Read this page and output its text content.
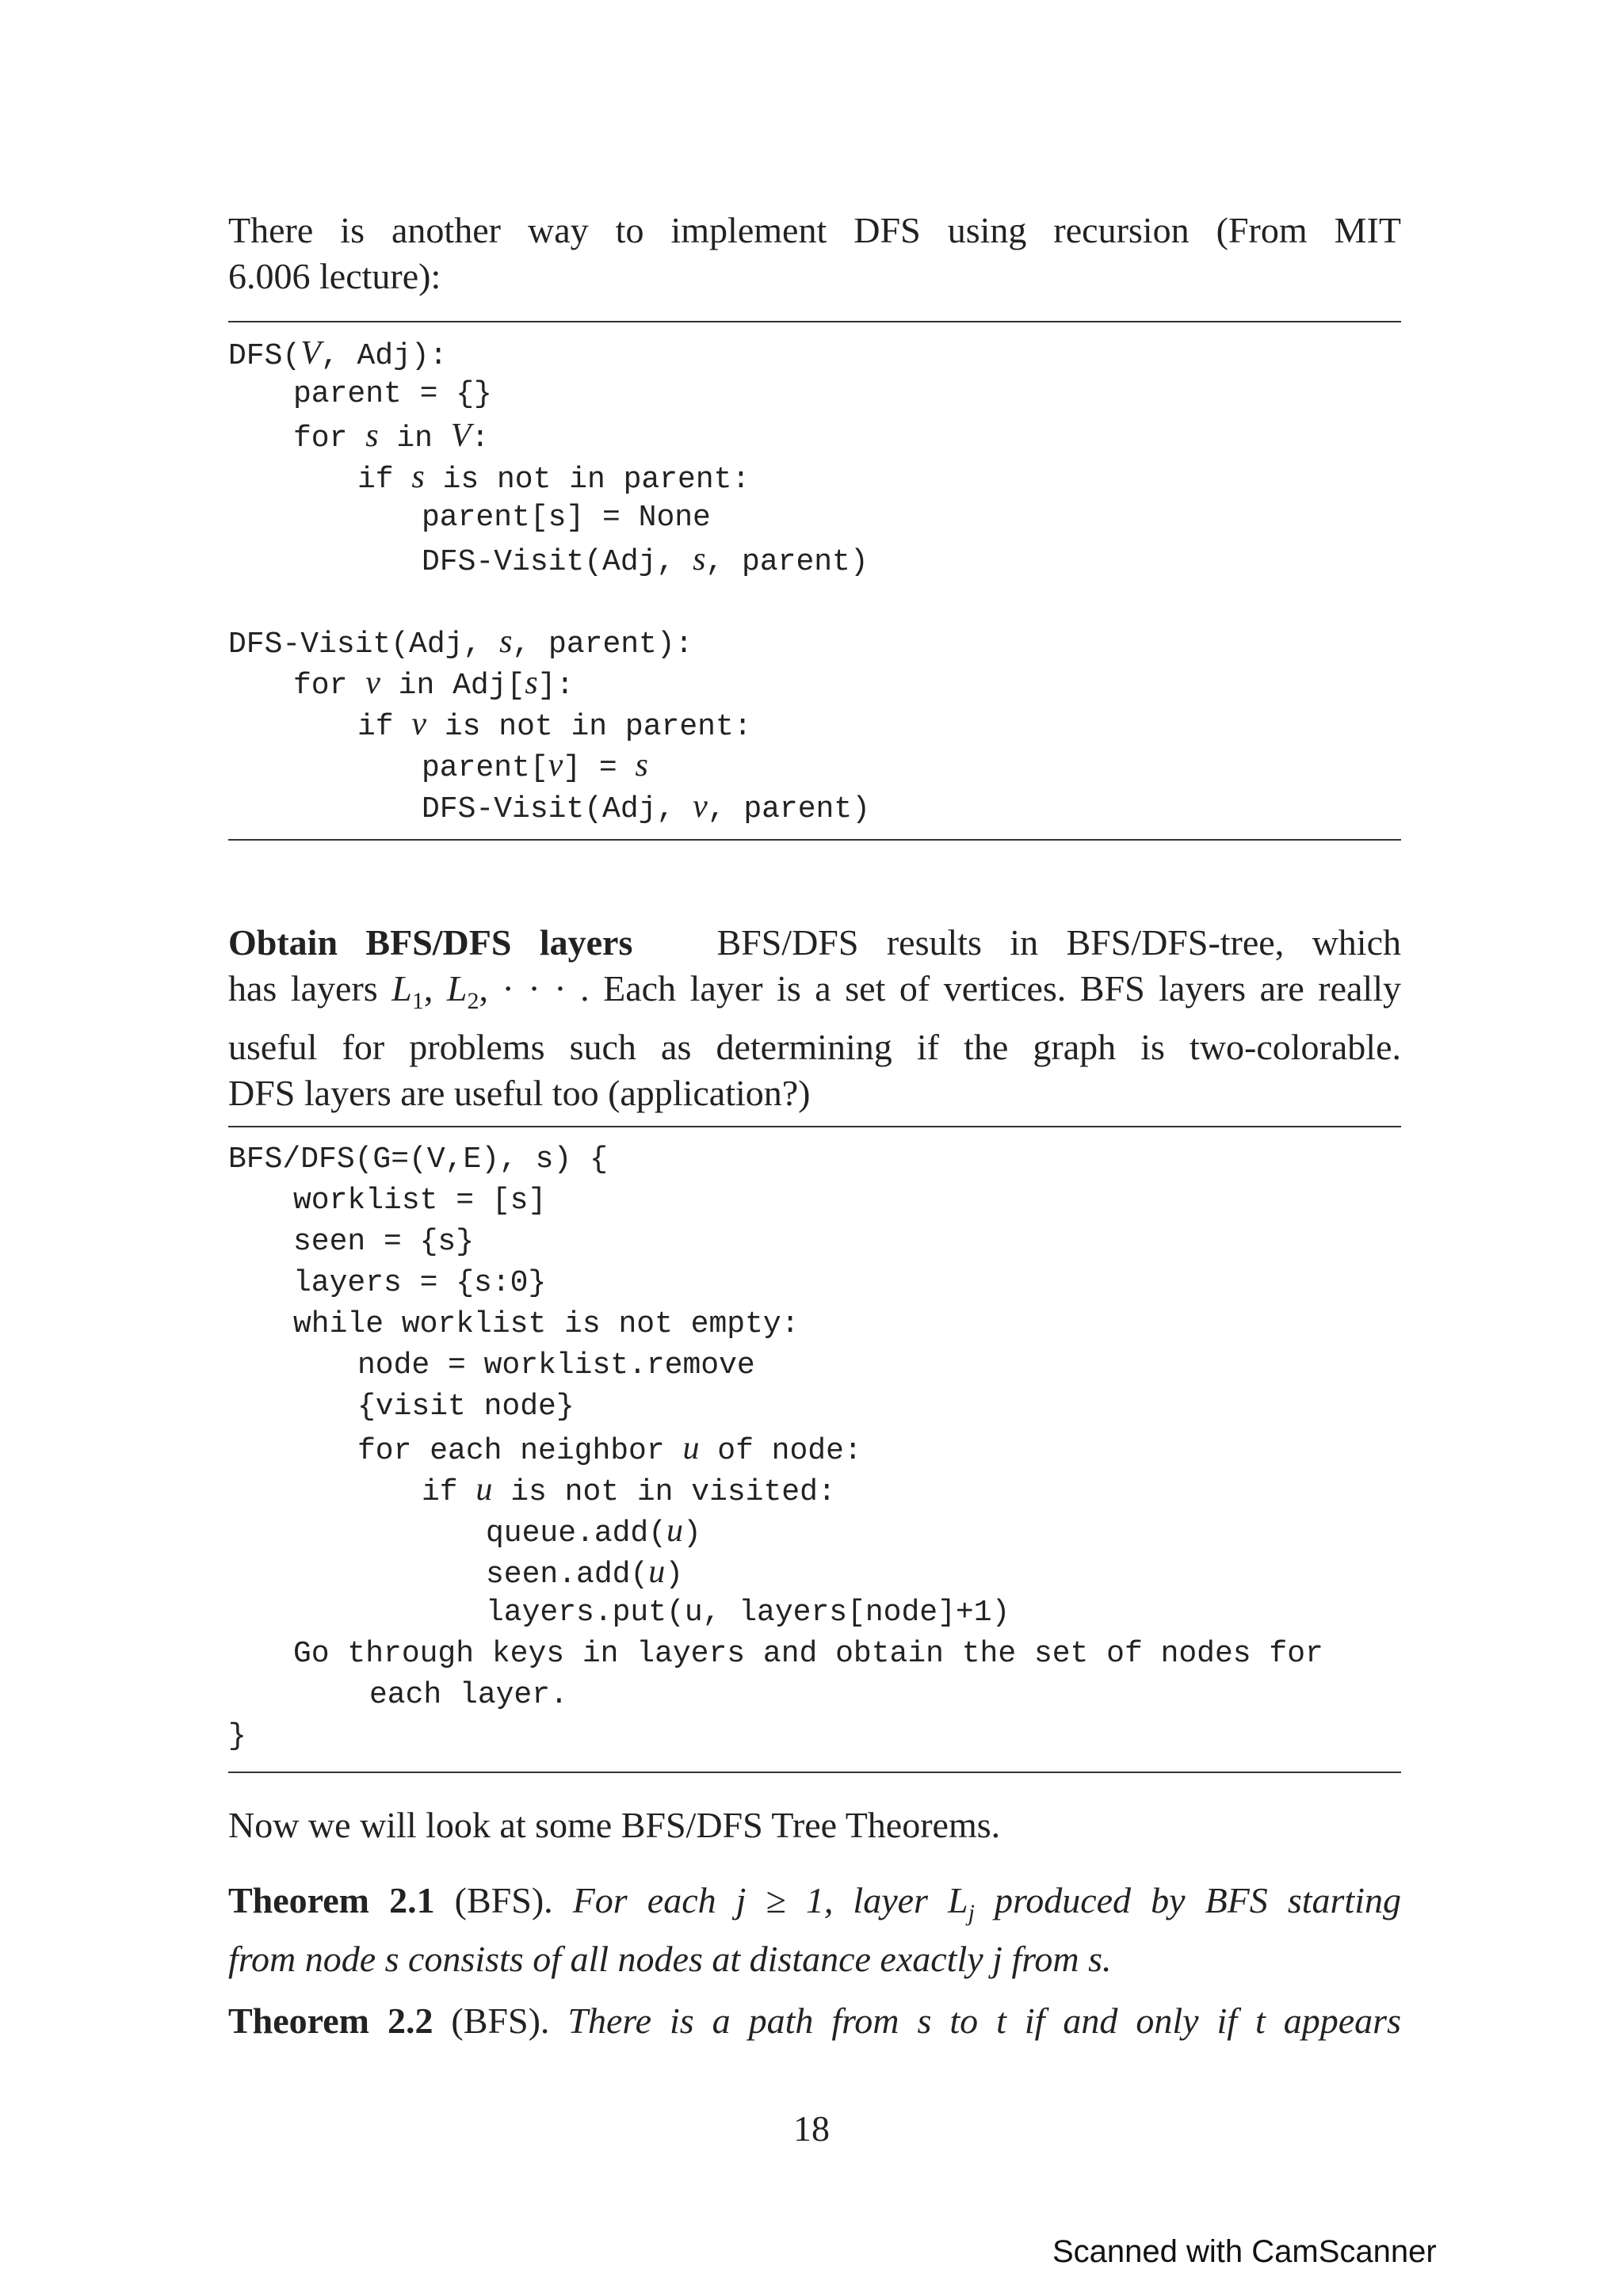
There is another way to implement DFS using recursion (From MIT
6.006 lecture):

DFS(V, Adj):

parent = {}

for s in V:

if s is not in parent:

parent[s] = None

DFS-Visit(Adj, s, parent)

DFS-Visit(Adj, s, parent):

for v in Adj[s]:

if v is not in parent:

parent[v] = s

DFS-Visit(Adj, v, parent)

Obtain BFS/DFS layers BFS/DFS results in BFS/DFS-tree, which
has layers $L_1$, $L_2$, · · · . Each layer is a set of vertices. BFS layers are really
useful for problems such as determining if the graph is two-colorable.
DFS layers are useful too (application?)

BFS/DFS(G=(V,E), s) {

worklist = [s]

seen = {s}

layers = {s:0}

while worklist is not empty:

node = worklist.remove

{visit node}

for each neighbor u of node:

if u is not in visited:

queue.add(u)

seen.add(u)

layers.put(u, layers[node]+1)

Go through keys in layers and obtain the set of nodes for

each layer.

}

Now we will look at some BFS/DFS Tree Theorems.
Theorem 2.1 (BFS). For each j ≥ 1, layer $L_j$ produced by BFS starting
from node s consists of all nodes at distance exactly j from s.
Theorem 2.2 (BFS). There is a path from s to t if and only if t appears
18
Scanned with CamScanner
